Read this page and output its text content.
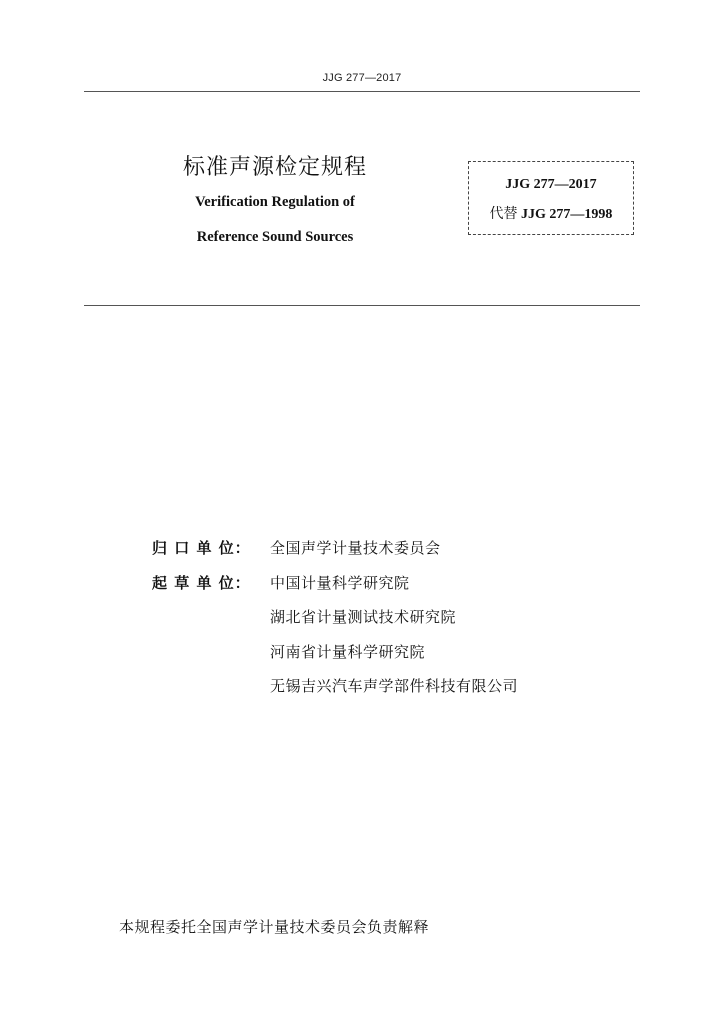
JJG 277—2017
标准声源检定规程
Verification Regulation of
Reference Sound Sources
JJG 277—2017
代替 JJG 277—1998
归 口 单 位：	全国声学计量技术委员会
起 草 单 位：	中国计量科学研究院
湖北省计量测试技术研究院
河南省计量科学研究院
无锡吉兴汽车声学部件科技有限公司
本规程委托全国声学计量技术委员会负责解释
